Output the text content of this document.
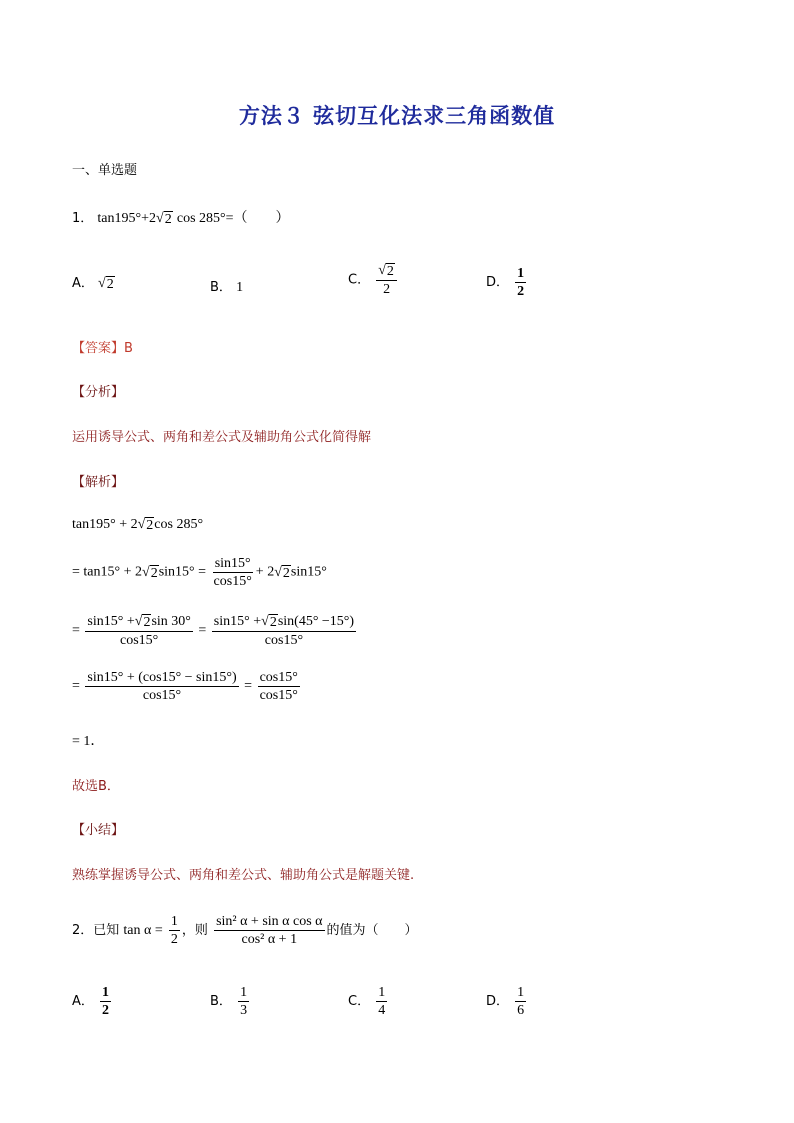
方法３ 弦切互化法求三角函数值
一、单选题
1． tan195°+2 √ 2 cos 285°=（　　）
A． √ 2	B． 1	C． $\frac{√ 2}{2}$	D． $\frac{1}{2}$
【答案】B
【分析】
运用诱导公式、两角和差公式及辅助角公式化简得解
【解析】
tan195° + 2 √ 2 cos 285°
= tan15° + 2 √ 2 $\sin 15^\circ = \frac{\sin 15^\circ}{\cos 15^\circ} + 2$ √ 2 sin15°
= $\frac{\sin 15^\circ + √ 2 \sin 30^\circ}{\cos 15^\circ} = \frac{\sin 15^\circ + √ 2 \sin(45^\circ -15^\circ)}{\cos 15^\circ}$
= $\frac{\sin 15^\circ + (\cos 15^\circ - \sin 15^\circ)}{\cos 15^\circ} = \frac{\cos 15^\circ}{\cos 15^\circ}$
= 1．
故选B．
【小结】
熟练掌握诱导公式、两角和差公式、辅助角公式是解题关键.
2．已知 $\tan \alpha = \frac{1}{2}$ ，则 $\frac{\text{sin² α + sin α cos α}}{\text{cos² α + 1}}$ 的值为（　　）
A． $\frac{1}{2}$	B． $\frac{1}{3}$	C． $\frac{1}{4}$	D． $\frac{1}{6}$
